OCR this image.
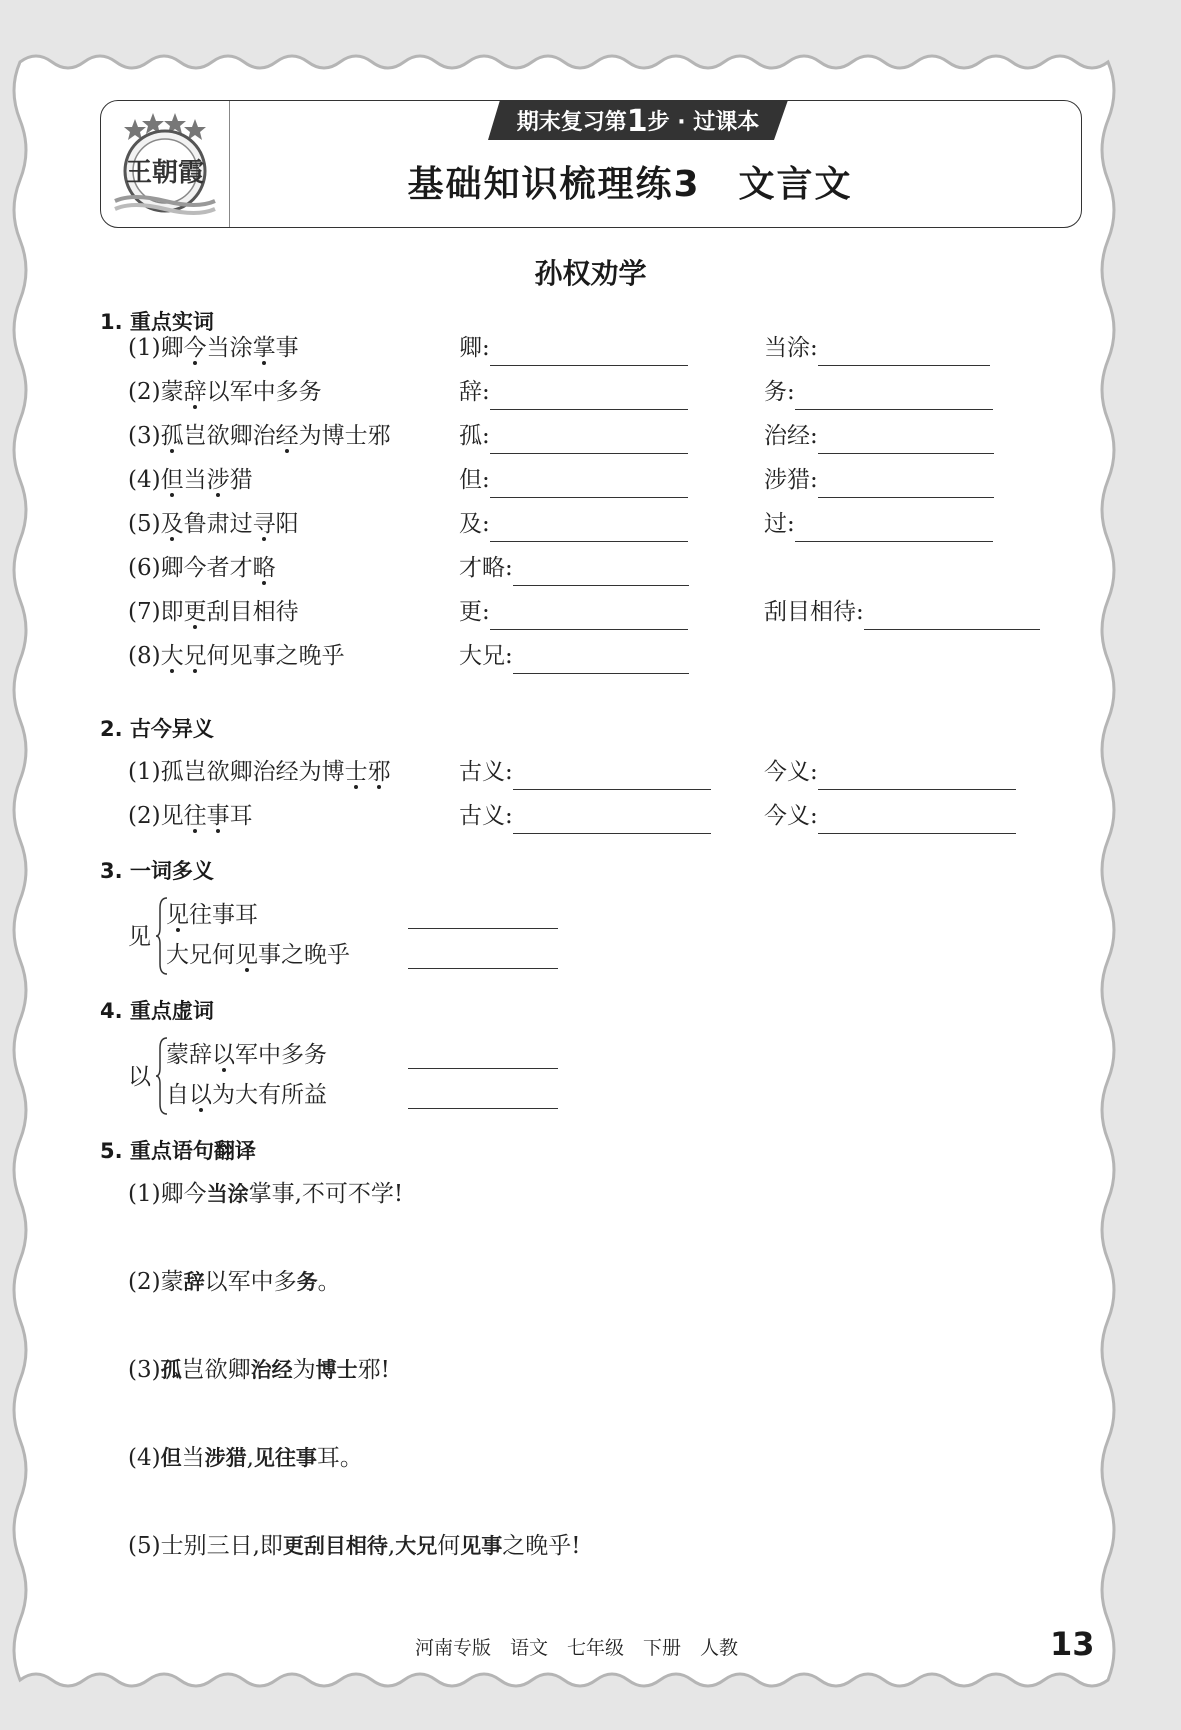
王朝霞
期末复习第1步 · 过课本
基础知识梳理练3　文言文
孙权劝学
1. 重点实词
(1)卿今当涂掌事	卿:	当涂:
(2)蒙辞以军中多务	辞:	务:
(3)孤岂欲卿治经为博士邪	孤:	治经:
(4)但当涉猎	但:	涉猎:
(5)及鲁肃过寻阳	及:	过:
(6)卿今者才略	才略:
(7)即更刮目相待	更:	刮目相待:
(8)大兄何见事之晚乎	大兄:
2. 古今异义
(1)孤岂欲卿治经为博士邪	古义:	今义:
(2)见往事耳	古义:	今义:
3. 一词多义
见
见往事耳
大兄何见事之晚乎
4. 重点虚词
以
蒙辞以军中多务
自以为大有所益
5. 重点语句翻译
(1)卿今当涂掌事,不可不学!
(2)蒙辞以军中多务。
(3)孤岂欲卿治经为博士邪!
(4)但当涉猎,见往事耳。
(5)士别三日,即更刮目相待,大兄何见事之晚乎!
河南专版　语文　七年级　下册　人教	13
